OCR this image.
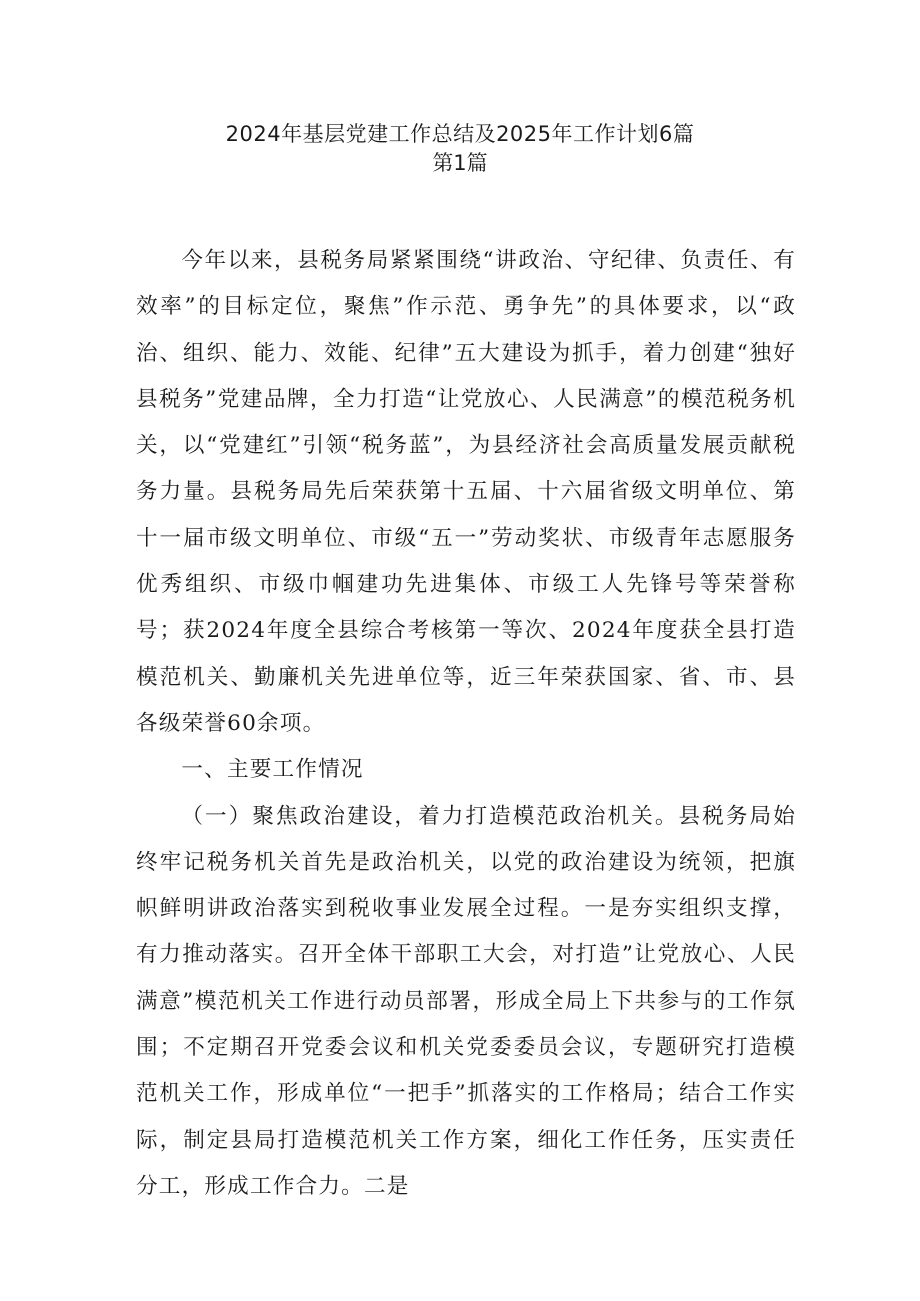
2024年基层党建工作总结及2025年工作计划6篇
第1篇

今年以来，县税务局紧紧围绕“讲政治、守纪律、负责任、有效率”的目标定位，聚焦”作示范、勇争先”的具体要求，以“政治、组织、能力、效能、纪律”五大建设为抓手，着力创建“独好县税务”党建品牌，全力打造“让党放心、人民满意”的模范税务机关，以“党建红”引领“税务蓝”，为县经济社会高质量发展贡献税务力量。县税务局先后荣获第十五届、十六届省级文明单位、第十一届市级文明单位、市级“五一”劳动奖状、市级青年志愿服务优秀组织、市级巾帼建功先进集体、市级工人先锋号等荣誉称号；获2024年度全县综合考核第一等次、2024年度获全县打造模范机关、勤廉机关先进单位等，近三年荣获国家、省、市、县各级荣誉60余项。

一、主要工作情况

（一）聚焦政治建设，着力打造模范政治机关。县税务局始终牢记税务机关首先是政治机关，以党的政治建设为统领，把旗帜鲜明讲政治落实到税收事业发展全过程。一是夯实组织支撑，有力推动落实。召开全体干部职工大会，对打造”让党放心、人民满意”模范机关工作进行动员部署，形成全局上下共参与的工作氛围；不定期召开党委会议和机关党委委员会议，专题研究打造模范机关工作，形成单位“一把手”抓落实的工作格局；结合工作实际，制定县局打造模范机关工作方案，细化工作任务，压实责任分工，形成工作合力。二是
